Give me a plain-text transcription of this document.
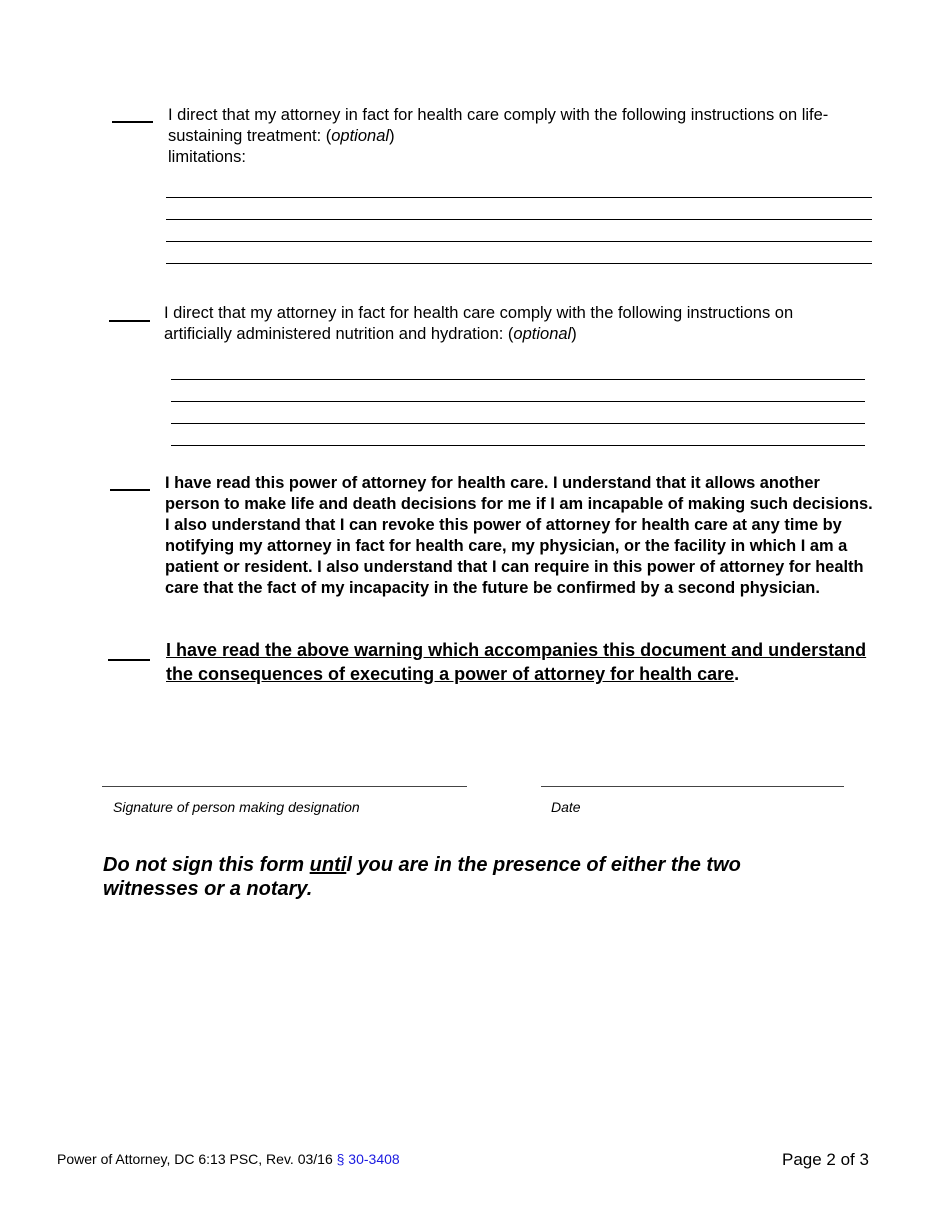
I direct that my attorney in fact for health care comply with the following instructions on life-sustaining treatment: (optional)
limitations:
I direct that my attorney in fact for health care comply with the following instructions on artificially administered nutrition and hydration: (optional)
I have read this power of attorney for health care. I understand that it allows another person to make life and death decisions for me if I am incapable of making such decisions. I also understand that I can revoke this power of attorney for health care at any time by notifying my attorney in fact for health care, my physician, or the facility in which I am a patient or resident. I also understand that I can require in this power of attorney for health care that the fact of my incapacity in the future be confirmed by a second physician.
I have read the above warning which accompanies this document and understand the consequences of executing a power of attorney for health care.
Signature of person making designation	Date
Do not sign this form until you are in the presence of either the two witnesses or a notary.
Power of Attorney, DC 6:13 PSC, Rev. 03/16 § 30-3408	Page 2 of 3
